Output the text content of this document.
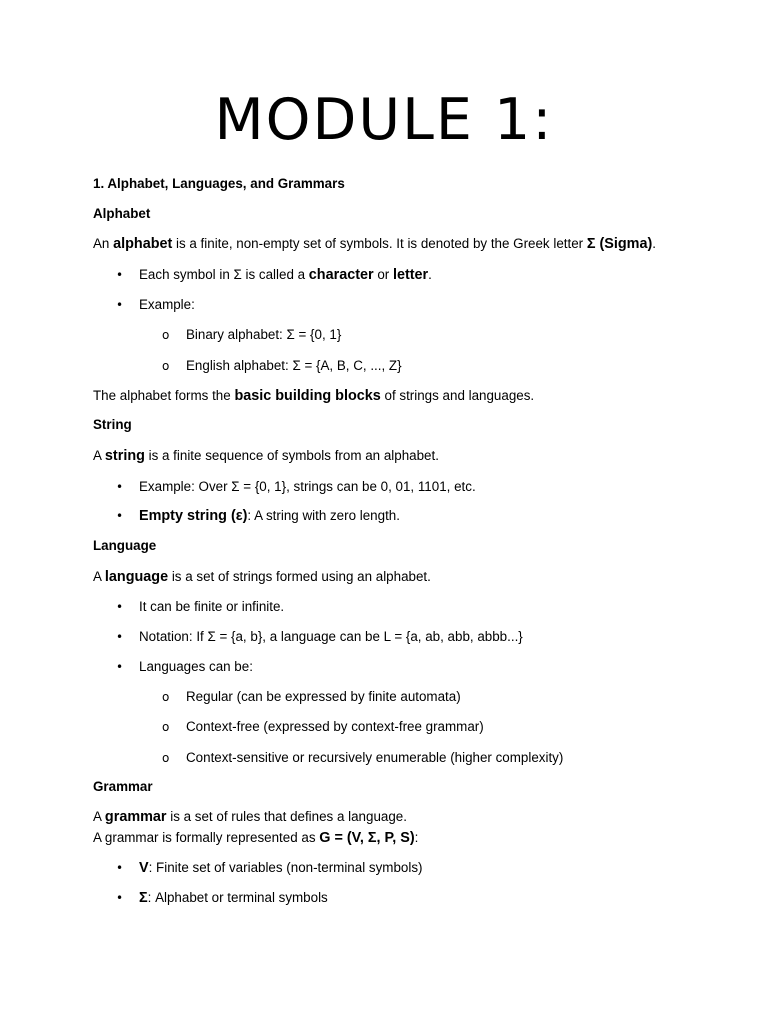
MODULE 1:
1. Alphabet, Languages, and Grammars
Alphabet
An alphabet is a finite, non-empty set of symbols. It is denoted by the Greek letter Σ (Sigma).
• Each symbol in Σ is called a character or letter.
• Example:
o Binary alphabet: Σ = {0, 1}
o English alphabet: Σ = {A, B, C, ..., Z}
The alphabet forms the basic building blocks of strings and languages.
String
A string is a finite sequence of symbols from an alphabet.
• Example: Over Σ = {0, 1}, strings can be 0, 01, 1101, etc.
• Empty string (ε): A string with zero length.
Language
A language is a set of strings formed using an alphabet.
• It can be finite or infinite.
• Notation: If Σ = {a, b}, a language can be L = {a, ab, abb, abbb...}
• Languages can be:
o Regular (can be expressed by finite automata)
o Context-free (expressed by context-free grammar)
o Context-sensitive or recursively enumerable (higher complexity)
Grammar
A grammar is a set of rules that defines a language.
A grammar is formally represented as G = (V, Σ, P, S):
• V: Finite set of variables (non-terminal symbols)
• Σ: Alphabet or terminal symbols
